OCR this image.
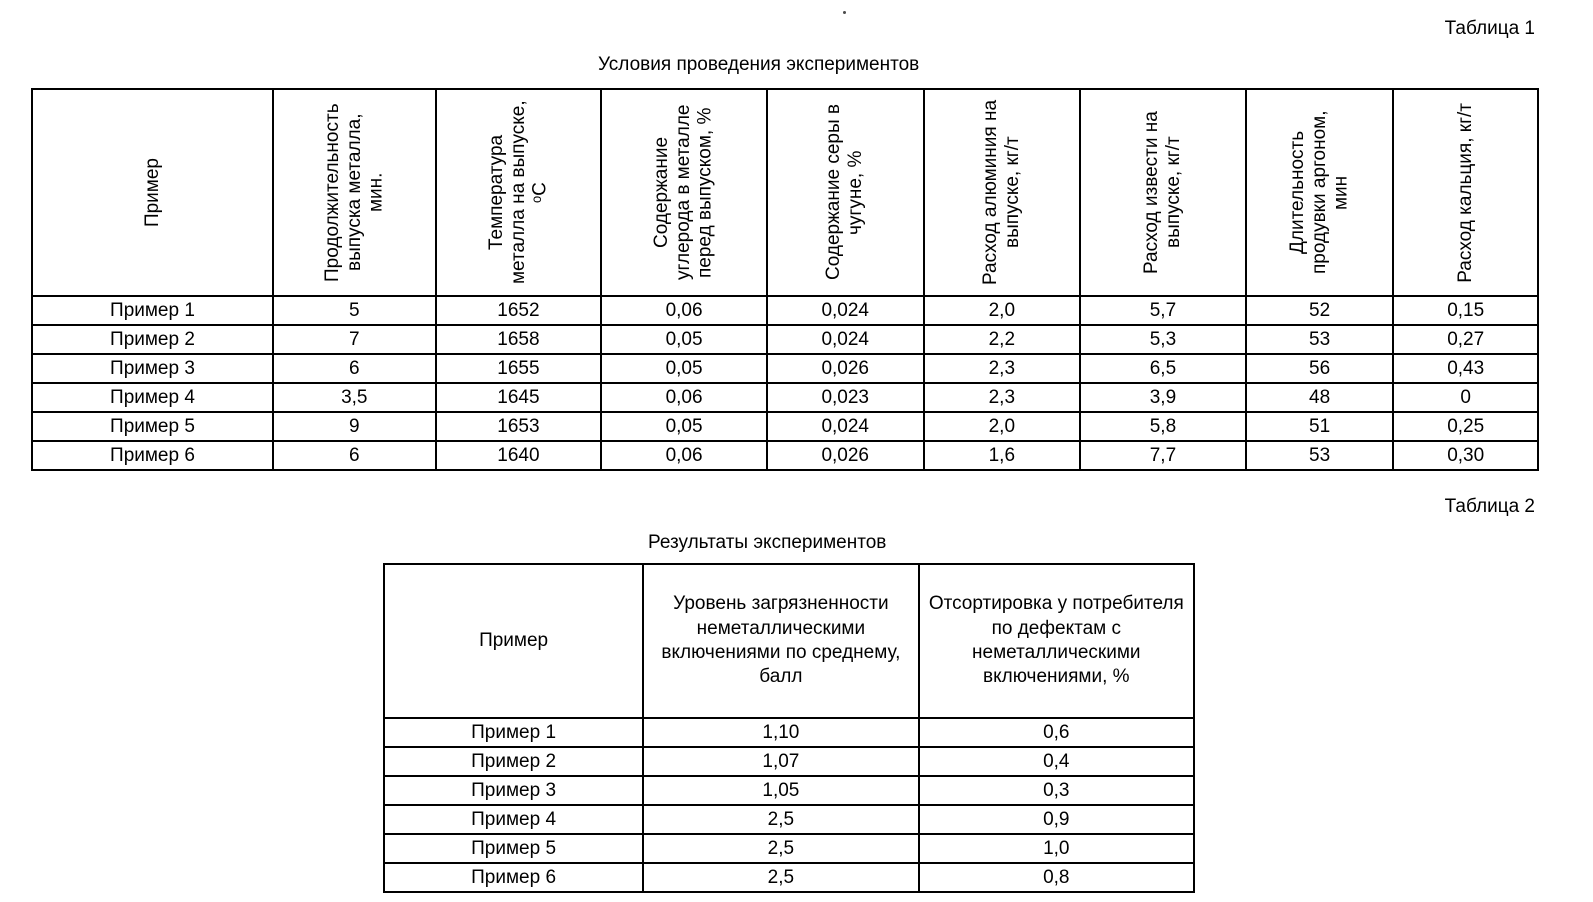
Таблица 1
Условия проведения экспериментов
Пример	Продолжительность выпуска металла, мин.	Температура металла на выпуске, ᵒC	Содержание углерода в металле перед выпуском, %	Содержание серы в чугуне, %	Расход алюминия на выпуске, кг/т	Расход извести на выпуске, кг/т	Длительность продувки аргоном, мин	Расход кальция, кг/т

Пример 1	5	1652	0,06	0,024	2,0	5,7	52	0,15
Пример 2	7	1658	0,05	0,024	2,2	5,3	53	0,27
Пример 3	6	1655	0,05	0,026	2,3	6,5	56	0,43
Пример 4	3,5	1645	0,06	0,023	2,3	3,9	48	0
Пример 5	9	1653	0,05	0,024	2,0	5,8	51	0,25
Пример 6	6	1640	0,06	0,026	1,6	7,7	53	0,30
Таблица 2
Результаты экспериментов
Пример	Уровень загрязненности неметаллическими включениями по среднему, балл	Отсортировка у потребителя по дефектам с неметаллическими включениями, %
Пример 1	1,10	0,6
Пример 2	1,07	0,4
Пример 3	1,05	0,3
Пример 4	2,5	0,9
Пример 5	2,5	1,0
Пример 6	2,5	0,8
